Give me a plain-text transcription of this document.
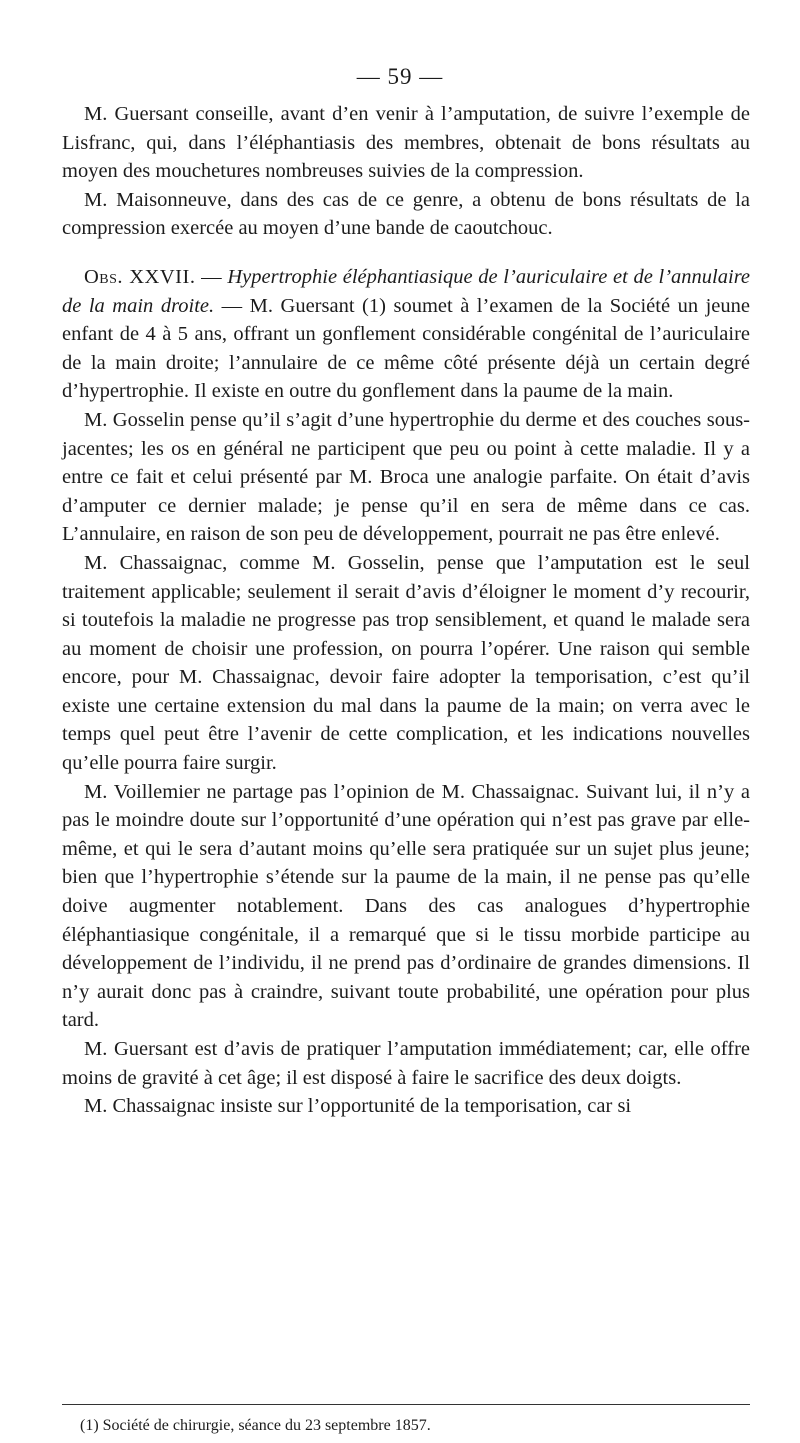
— 59 —

M. Guersant conseille, avant d’en venir à l’amputation, de suivre l’exemple de Lisfranc, qui, dans l’éléphantiasis des membres, obtenait de bons résultats au moyen des mouchetures nombreuses suivies de la compression.

M. Maisonneuve, dans des cas de ce genre, a obtenu de bons résultats de la compression exercée au moyen d’une bande de caoutchouc.

Obs. XXVII. — Hypertrophie éléphantiasique de l’auriculaire et de l’annulaire de la main droite. — M. Guersant (1) soumet à l’examen de la Société un jeune enfant de 4 à 5 ans, offrant un gonflement considérable congénital de l’auriculaire de la main droite; l’annulaire de ce même côté présente déjà un certain degré d’hypertrophie. Il existe en outre du gonflement dans la paume de la main.

M. Gosselin pense qu’il s’agit d’une hypertrophie du derme et des couches sous-jacentes; les os en général ne participent que peu ou point à cette maladie. Il y a entre ce fait et celui présenté par M. Broca une analogie parfaite. On était d’avis d’amputer ce dernier malade; je pense qu’il en sera de même dans ce cas. L’annulaire, en raison de son peu de développement, pourrait ne pas être enlevé.

M. Chassaignac, comme M. Gosselin, pense que l’amputation est le seul traitement applicable; seulement il serait d’avis d’éloigner le moment d’y recourir, si toutefois la maladie ne progresse pas trop sensiblement, et quand le malade sera au moment de choisir une profession, on pourra l’opérer. Une raison qui semble encore, pour M. Chassaignac, devoir faire adopter la temporisation, c’est qu’il existe une certaine extension du mal dans la paume de la main; on verra avec le temps quel peut être l’avenir de cette complication, et les indications nouvelles qu’elle pourra faire surgir.

M. Voillemier ne partage pas l’opinion de M. Chassaignac. Suivant lui, il n’y a pas le moindre doute sur l’opportunité d’une opération qui n’est pas grave par elle-même, et qui le sera d’autant moins qu’elle sera pratiquée sur un sujet plus jeune; bien que l’hypertrophie s’étende sur la paume de la main, il ne pense pas qu’elle doive augmenter notablement. Dans des cas analogues d’hypertrophie éléphantiasique congénitale, il a remarqué que si le tissu morbide participe au développement de l’individu, il ne prend pas d’ordinaire de grandes dimensions. Il n’y aurait donc pas à craindre, suivant toute probabilité, une opération pour plus tard.

M. Guersant est d’avis de pratiquer l’amputation immédiatement; car, elle offre moins de gravité à cet âge; il est disposé à faire le sacrifice des deux doigts.

M. Chassaignac insiste sur l’opportunité de la temporisation, car si

(1) Société de chirurgie, séance du 23 septembre 1857.
